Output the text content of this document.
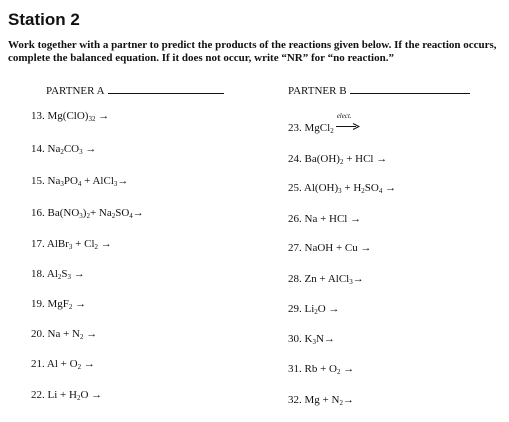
Station 2
Work together with a partner to predict the products of the reactions given below. If the reaction occurs, complete the balanced equation. If it does not occur, write “NR” for “no reaction.”
PARTNER A	PARTNER B
13. $Mg(ClO)_{32}$ →
14. $Na_2CO_3$ →
15. $Na_3PO_4$ + AlCl$_3$→
16. $Ba(NO_3)_2+ Na_2SO_4\to$
17. AlBr$_3$ + $Cl_2$ →
18. $Al_2S_3$ →
19. MgF$_2$ →
20. $Na + N_2$ →
21. $Al + O_2$ →
22. $Li + H_2O$ →
23. MgCl$_2$
elect.
24. $Ba(OH)_2$ + HCl →
25. $Al(OH)_3 + H_2SO_4$ →
26. Na + HCl →
27. NaOH + Cu →
28. Zn + AlCl$_3$→
29. $Li_2O$ →
30. $K_3N\to$
31. $Rb + O_2$ →
32. $Mg + N_2\to$
